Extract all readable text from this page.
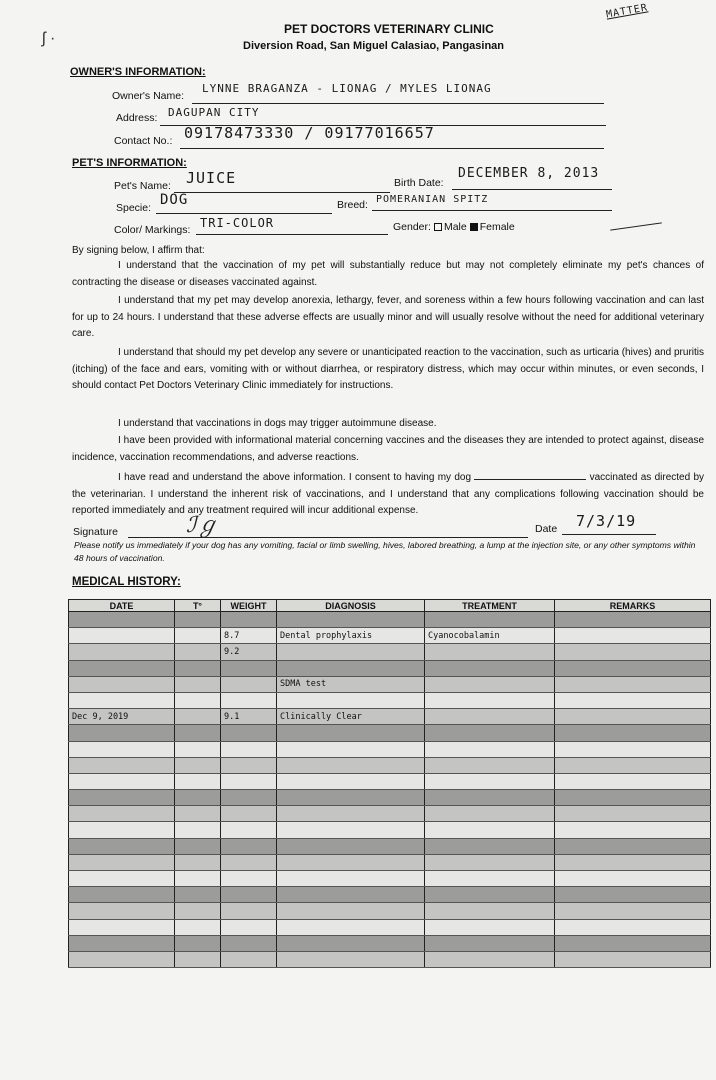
MATTER
ʃ ·
PET DOCTORS VETERINARY CLINIC
Diversion Road, San Miguel Calasiao, Pangasinan
OWNER'S INFORMATION:
Owner's Name:
LYNNE BRAGANZA - LIONAG / MYLES LIONAG
Address: DAGUPAN CITY
Contact No.: 09178473330 / 09177016657
PET'S INFORMATION:
Pet's Name: JUICE	Birth Date:
DECEMBER 8, 2013
Specie: DOG	Breed: POMERANIAN SPITZ
Color/ Markings: TRI-COLOR	Gender: Male Female
By signing below, I affirm that:
I understand that the vaccination of my pet will substantially reduce but may not completely eliminate my pet's chances of contracting the disease or diseases vaccinated against.
I understand that my pet may develop anorexia, lethargy, fever, and soreness within a few hours following vaccination and can last for up to 24 hours. I understand that these adverse effects are usually minor and will usually resolve without the need for additional veterinary care.
I understand that should my pet develop any severe or unanticipated reaction to the vaccination, such as urticaria (hives) and pruritis (itching) of the face and ears, vomiting with or without diarrhea, or respiratory distress, which may occur within minutes, or even seconds, I should contact Pet Doctors Veterinary Clinic immediately for instructions.
I understand that vaccinations in dogs may trigger autoimmune disease.
I have been provided with informational material concerning vaccines and the diseases they are intended to protect against, disease incidence, vaccination recommendations, and adverse reactions.
I have read and understand the above information. I consent to having my dog	vaccinated as directed by the veterinarian. I understand the inherent risk of vaccinations, and I understand that any complications following vaccination should be reported immediately and any treatment required will incur additional expense.
Signature	ℐℊ	Date 7/3/19
Please notify us immediately if your dog has any vomiting, facial or limb swelling, hives, labored breathing, a lump at the injection site, or any other symptoms within 48 hours of vaccination.
MEDICAL HISTORY:
DATE	T°	WEIGHT	DIAGNOSIS	TREATMENT	REMARKS

		8.7	Dental prophylaxis	Cyanocobalamin	
		9.2			

			SDMA test		

Dec 9, 2019		9.1	Clinically Clear		
